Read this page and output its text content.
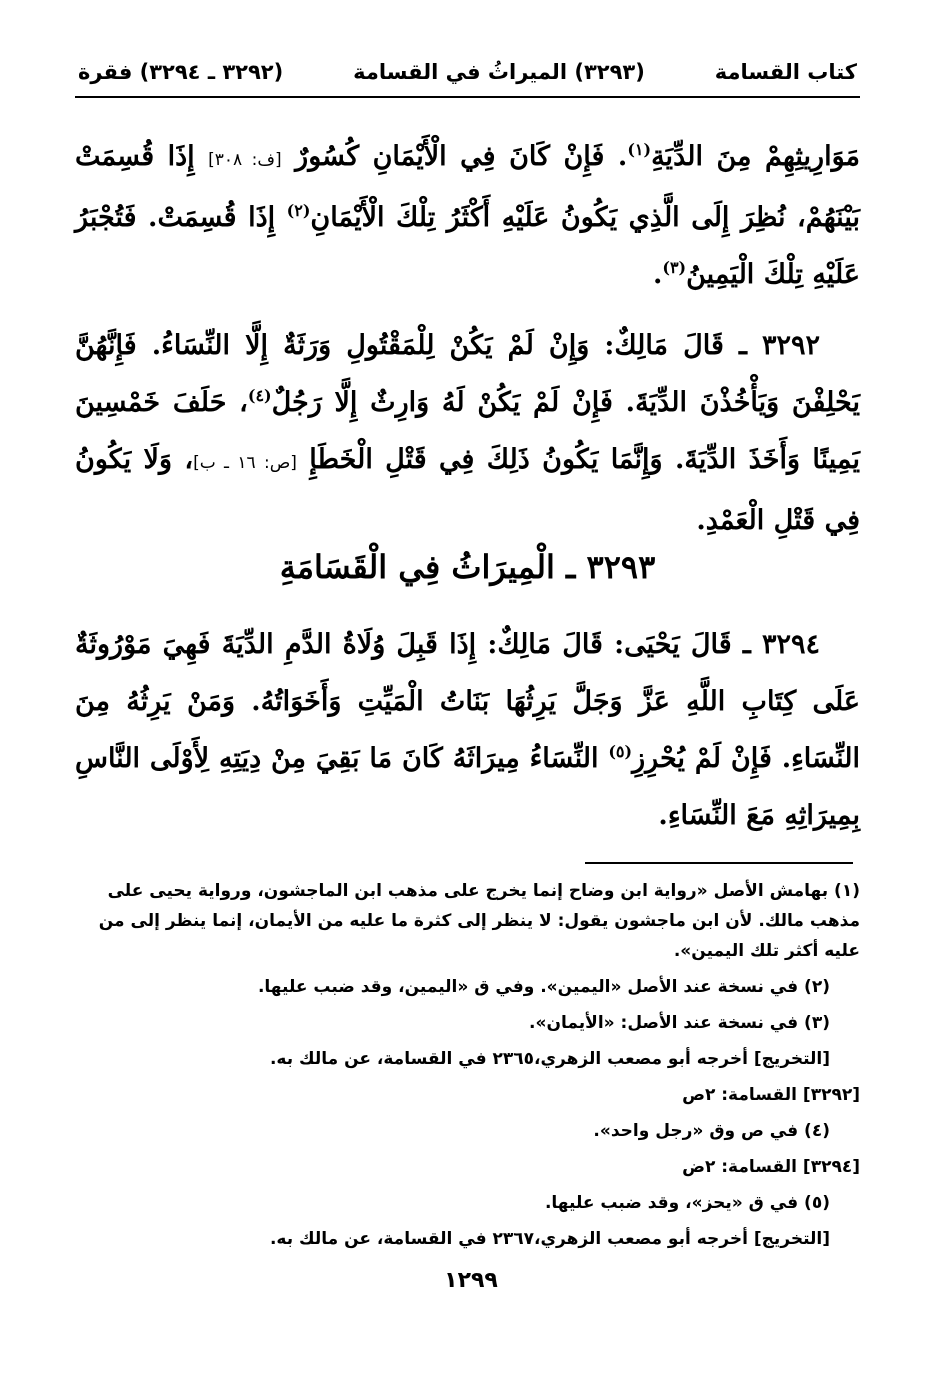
كتاب القسامة
(٣٢٩٣) الميراثُ في القسامة
(٣٢٩٢ ـ ٣٢٩٤) فقرة

مَوَارِيثِهِمْ مِنَ الدِّيَةِ$^{(١)}$. فَإِنْ كَانَ فِي الْأَيْمَانِ كُسُورٌ [ف: ٣٠٨] إِذَا قُسِمَتْ بَيْنَهُمْ، نُظِرَ إِلَى الَّذِي يَكُونُ عَلَيْهِ أَكْثَرُ تِلْكَ الْأَيْمَانِ$^{(٢)}$ إِذَا قُسِمَتْ. فَتُجْبَرُ عَلَيْهِ تِلْكَ الْيَمِينُ$^{(٣)}$.

٣٢٩٢ ـ قَالَ مَالِكٌ: وَإِنْ لَمْ يَكُنْ لِلْمَقْتُولِ وَرَثَةٌ إِلَّا النِّسَاءُ. فَإِنَّهُنَّ يَحْلِفْنَ وَيَأْخُذْنَ الدِّيَةَ. فَإِنْ لَمْ يَكُنْ لَهُ وَارِثٌ إِلَّا رَجُلٌ$^{(٤)}$، حَلَفَ خَمْسِينَ يَمِينًا وَأَخَذَ الدِّيَةَ. وَإِنَّمَا يَكُونُ ذَلِكَ فِي قَتْلِ الْخَطَإِ [ص: ١٦ ـ ب]، وَلَا يَكُونُ فِي قَتْلِ الْعَمْدِ.

٣٢٩٣ ـ الْمِيرَاثُ فِي الْقَسَامَةِ

٣٢٩٤ ـ قَالَ يَحْيَى: قَالَ مَالِكٌ: إِذَا قَبِلَ وُلَاةُ الدَّمِ الدِّيَةَ فَهِيَ مَوْرُوثَةٌ عَلَى كِتَابِ اللَّهِ عَزَّ وَجَلَّ يَرِثُهَا بَنَاتُ الْمَيِّتِ وَأَخَوَاتُهُ. وَمَنْ يَرِثُهُ مِنَ النِّسَاءِ. فَإِنْ لَمْ يُحْرِزِ$^{(٥)}$ النِّسَاءُ مِيرَاثَهُ كَانَ مَا بَقِيَ مِنْ دِيَتِهِ لِأَوْلَى النَّاسِ بِمِيرَاثِهِ مَعَ النِّسَاءِ.

(١) بهامش الأصل «رواية ابن وضاح إنما يخرج على مذهب ابن الماجشون، ورواية يحيى على مذهب مالك. لأن ابن ماجشون يقول: لا ينظر إلى كثرة ما عليه من الأيمان، إنما ينظر إلى من عليه أكثر تلك اليمين».

(٢) في نسخة عند الأصل «اليمين». وفي ق «اليمين، وقد ضبب عليها.

(٣) في نسخة عند الأصل: «الأيمان».

[التخريج] أخرجه أبو مصعب الزهري،٢٣٦٥ في القسامة، عن مالك به.

[٣٢٩٢] القسامة: ٢ص

(٤) في ص وق «رجل واحد».

[٣٢٩٤] القسامة: ٢ض

(٥) في ق «يحز»، وقد ضبب عليها.

[التخريج] أخرجه أبو مصعب الزهري،٢٣٦٧ في القسامة، عن مالك به.

١٢٩٩
